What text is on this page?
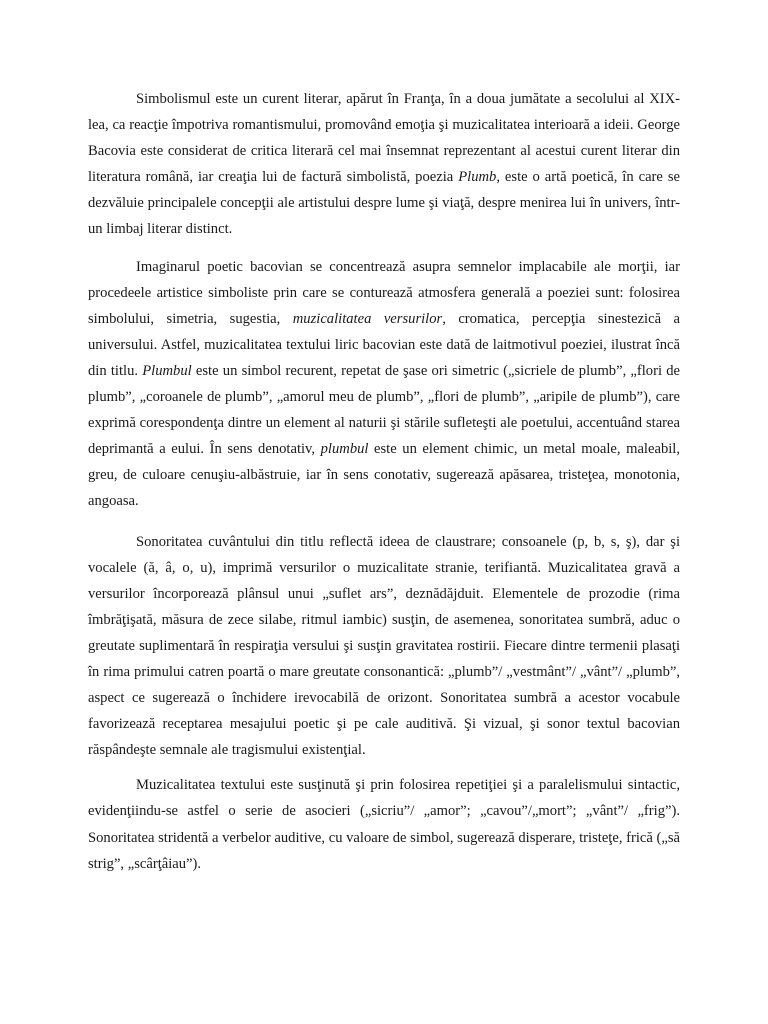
Simbolismul este un curent literar, apărut în Franţa, în a doua jumătate a secolului al XIX-lea, ca reacţie împotriva romantismului, promovând emoţia şi muzicalitatea interioară a ideii. George Bacovia este considerat de critica literară cel mai însemnat reprezentant al acestui curent literar din literatura română, iar creaţia lui de factură simbolistă, poezia Plumb, este o artă poetică, în care se dezvăluie principalele concepţii ale artistului despre lume şi viaţă, despre menirea lui în univers, într-un limbaj literar distinct.

Imaginarul poetic bacovian se concentrează asupra semnelor implacabile ale morţii, iar procedeele artistice simboliste prin care se conturează atmosfera generală a poeziei sunt: folosirea simbolului, simetria, sugestia, muzicalitatea versurilor, cromatica, percepţia sinestezică a universului. Astfel, muzicalitatea textului liric bacovian este dată de laitmotivul poeziei, ilustrat încă din titlu. Plumbul este un simbol recurent, repetat de şase ori simetric („sicriele de plumb”, „flori de plumb”, „coroanele de plumb”, „amorul meu de plumb”, „flori de plumb”, „aripile de plumb”), care exprimă corespondenţa dintre un element al naturii şi stările sufleteşti ale poetului, accentuând starea deprimantă a eului. În sens denotativ, plumbul este un element chimic, un metal moale, maleabil, greu, de culoare cenuşiu-albăstruie, iar în sens conotativ, sugerează apăsarea, tristeţea, monotonia, angoasa.

Sonoritatea cuvântului din titlu reflectă ideea de claustrare; consoanele (p, b, s, ş), dar şi vocalele (ă, â, o, u), imprimă versurilor o muzicalitate stranie, terifiantă. Muzicalitatea gravă a versurilor încorporează plânsul unui „suflet ars”, deznădăjduit. Elementele de prozodie (rima îmbrăţişată, măsura de zece silabe, ritmul iambic) susţin, de asemenea, sonoritatea sumbră, aduc o greutate suplimentară în respiraţia versului şi susţin gravitatea rostirii. Fiecare dintre termenii plasaţi în rima primului catren poartă o mare greutate consonantică: „plumb”/ „vestmânt”/ „vânt”/ „plumb”, aspect ce sugerează o închidere irevocabilă de orizont. Sonoritatea sumbră a acestor vocabule favorizează receptarea mesajului poetic şi pe cale auditivă. Şi vizual, şi sonor textul bacovian răspândeşte semnale ale tragismului existenţial.

Muzicalitatea textului este susţinută şi prin folosirea repetiţiei şi a paralelismului sintactic, evidenţiindu-se astfel o serie de asocieri („sicriu”/ „amor”; „cavou”/„mort”; „vânt”/ „frig”). Sonoritatea stridentă a verbelor auditive, cu valoare de simbol, sugerează disperare, tristeţe, frică („să strig”, „scârţâiau”).
